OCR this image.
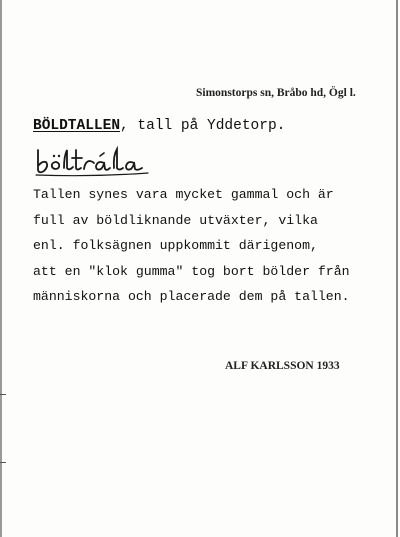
Simonstorps sn, Bråbo hd, Ögl l.
BÖLDTALLEN, tall på Yddetorp.
Tallen synes vara mycket gammal och är
full av böldliknande utväxter, vilka
enl. folksägnen uppkommit därigenom,
att en "klok gumma" tog bort bölder från
människorna och placerade dem på tallen.
ALF KARLSSON 1933
